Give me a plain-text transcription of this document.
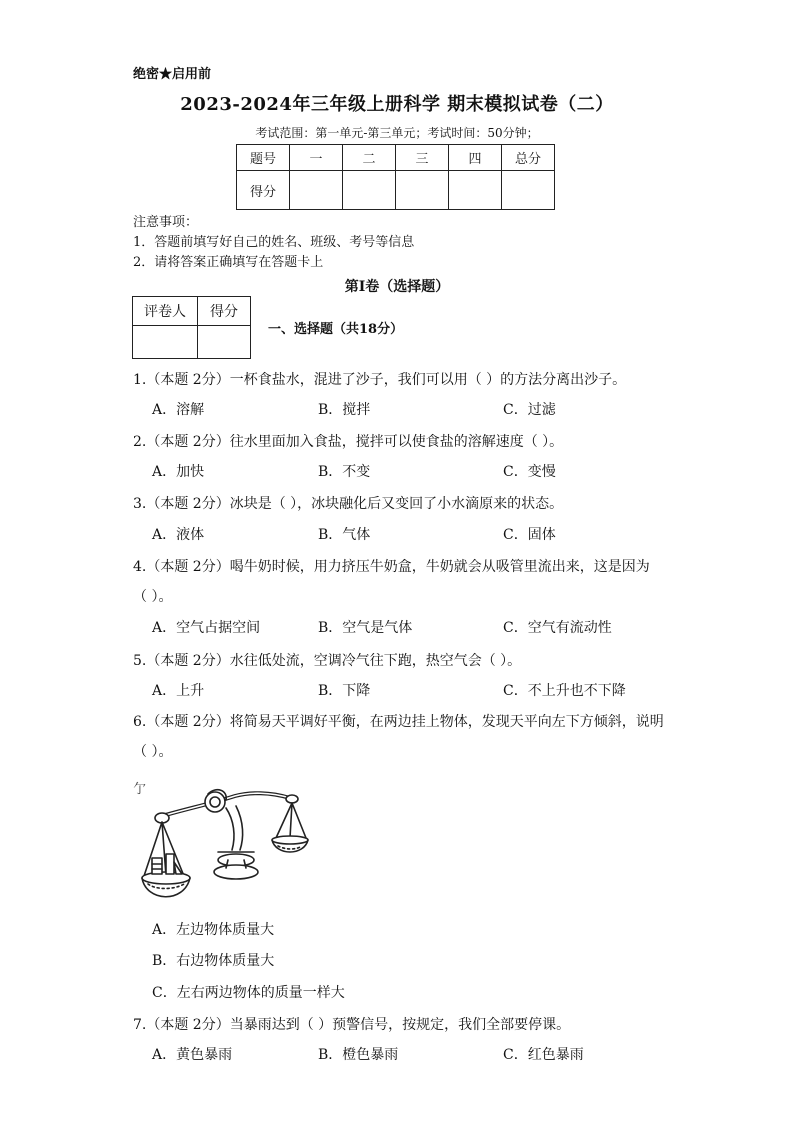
绝密★启用前
2023-2024年三年级上册科学 期末模拟试卷（二）
考试范围：第一单元-第三单元；考试时间：50分钟；
题号	一	二	三	四	总分
得分					
注意事项：
1．答题前填写好自己的姓名、班级、考号等信息
2．请将答案正确填写在答题卡上
第I卷（选择题）
评卷人	得分

一、选择题（共18分）
1.（本题 2分）一杯食盐水，混进了沙子，我们可以用（ ）的方法分离出沙子。
A．溶解	B．搅拌	C．过滤
2.（本题 2分）往水里面加入食盐，搅拌可以使食盐的溶解速度（ ）。
A．加快	B．不变	C．变慢
3.（本题 2分）冰块是（ ），冰块融化后又变回了小水滴原来的状态。
A．液体	B．气体	C．固体
4.（本题 2分）喝牛奶时候，用力挤压牛奶盒，牛奶就会从吸管里流出来，这是因为
（ ）。
A．空气占据空间	B．空气是气体	C．空气有流动性
5.（本题 2分）水往低处流，空调冷气往下跑，热空气会（ ）。
A．上升	B．下降	C．不上升也不下降
6.（本题 2分）将简易天平调好平衡，在两边挂上物体，发现天平向左下方倾斜，说明
（ ）。
亇
A．左边物体质量大
B．右边物体质量大
C．左右两边物体的质量一样大
7.（本题 2分）当暴雨达到（ ）预警信号，按规定，我们全部要停课。
A．黄色暴雨	B．橙色暴雨	C．红色暴雨
